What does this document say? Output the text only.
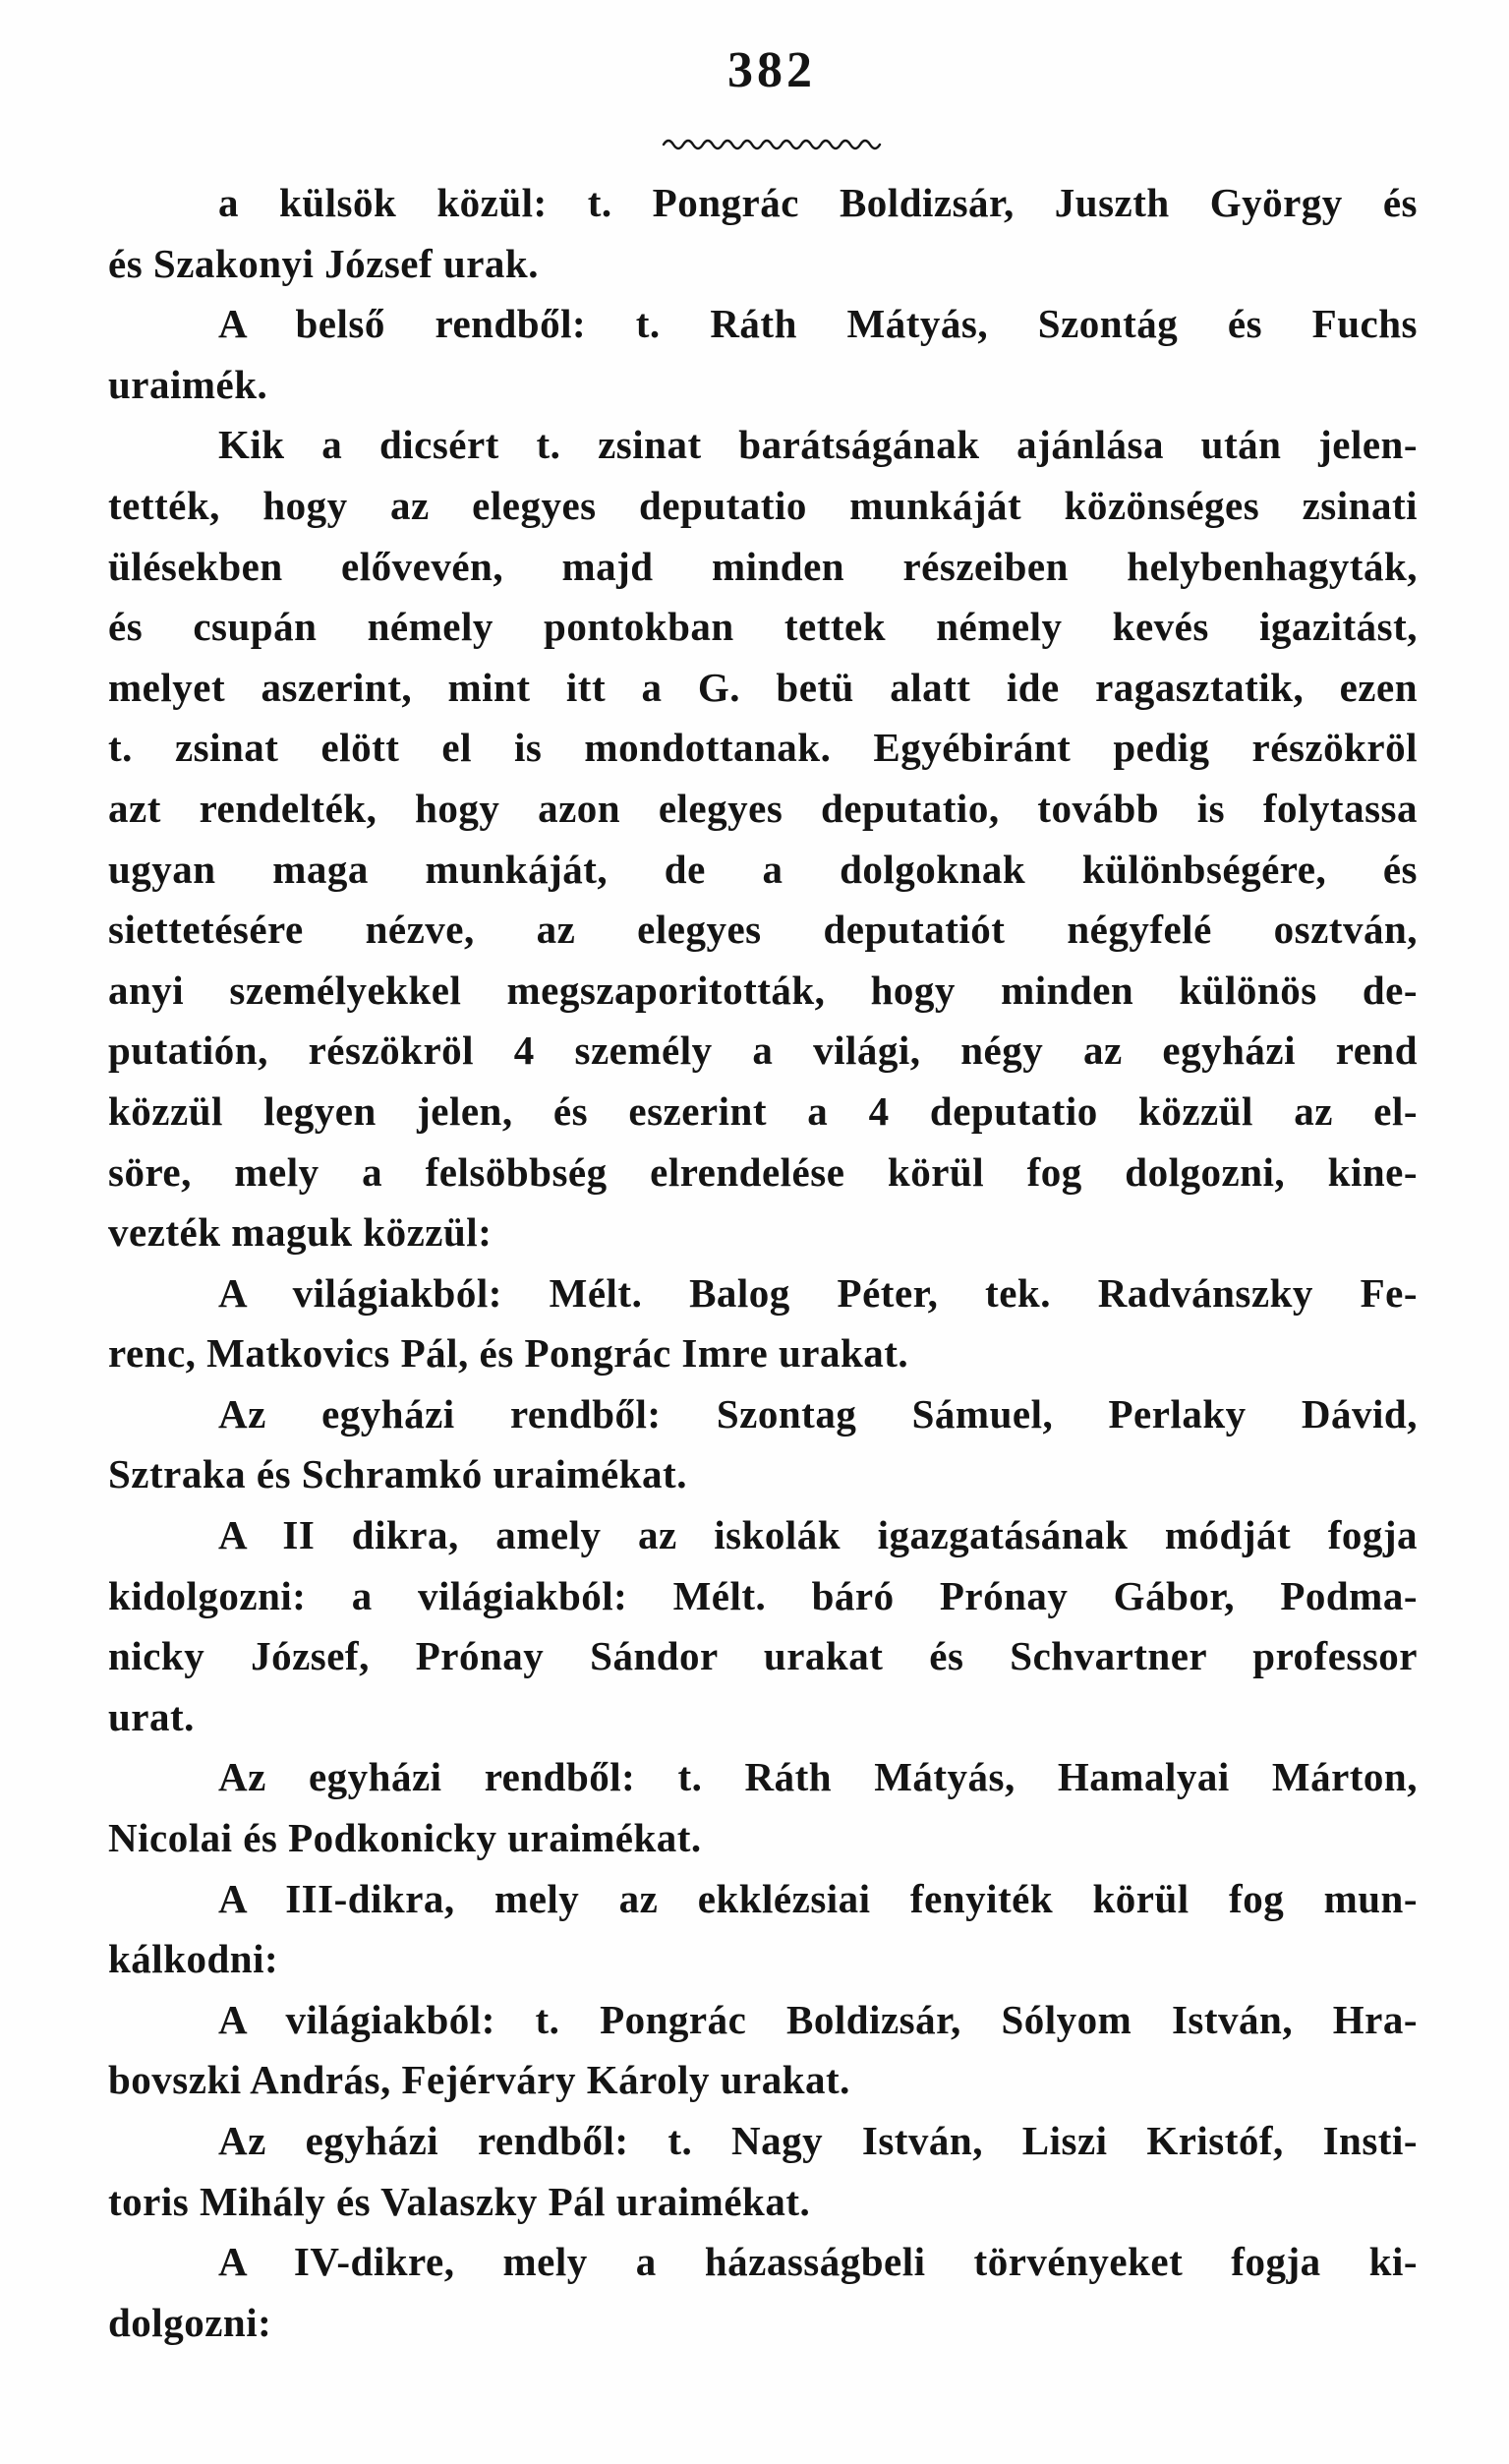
382
a külsök közül: t. Pongrác Boldizsár, Juszth György és
és Szakonyi József urak.
A belső rendből: t. Ráth Mátyás, Szontág és Fuchs
uraimék.
Kik a dicsért t. zsinat barátságának ajánlása után jelen-
tették, hogy az elegyes deputatio munkáját közönséges zsinati
ülésekben elővevén, majd minden részeiben helybenhagyták,
és csupán némely pontokban tettek némely kevés igazitást,
melyet aszerint, mint itt a G. betü alatt ide ragasztatik, ezen
t. zsinat elött el is mondottanak. Egyébiránt pedig részökröl
azt rendelték, hogy azon elegyes deputatio, tovább is folytassa
ugyan maga munkáját, de a dolgoknak különbségére, és
siettetésére nézve, az elegyes deputatiót négyfelé osztván,
anyi személyekkel megszaporitották, hogy minden különös de-
putatión, részökröl 4 személy a világi, négy az egyházi rend
közzül legyen jelen, és eszerint a 4 deputatio közzül az el-
söre, mely a felsöbbség elrendelése körül fog dolgozni, kine-
vezték maguk közzül:
A világiakból: Mélt. Balog Péter, tek. Radvánszky Fe-
renc, Matkovics Pál, és Pongrác Imre urakat.
Az egyházi rendből: Szontag Sámuel, Perlaky Dávid,
Sztraka és Schramkó uraimékat.
A II dikra, amely az iskolák igazgatásának módját fogja
kidolgozni: a világiakból: Mélt. báró Prónay Gábor, Podma-
nicky József, Prónay Sándor urakat és Schvartner professor
urat.
Az egyházi rendből: t. Ráth Mátyás, Hamalyai Márton,
Nicolai és Podkonicky uraimékat.
A III-dikra, mely az ekklézsiai fenyiték körül fog mun-
kálkodni:
A világiakból: t. Pongrác Boldizsár, Sólyom István, Hra-
bovszki András, Fejérváry Károly urakat.
Az egyházi rendből: t. Nagy István, Liszi Kristóf, Insti-
toris Mihály és Valaszky Pál uraimékat.
A IV-dikre, mely a házasságbeli törvényeket fogja ki-
dolgozni:
